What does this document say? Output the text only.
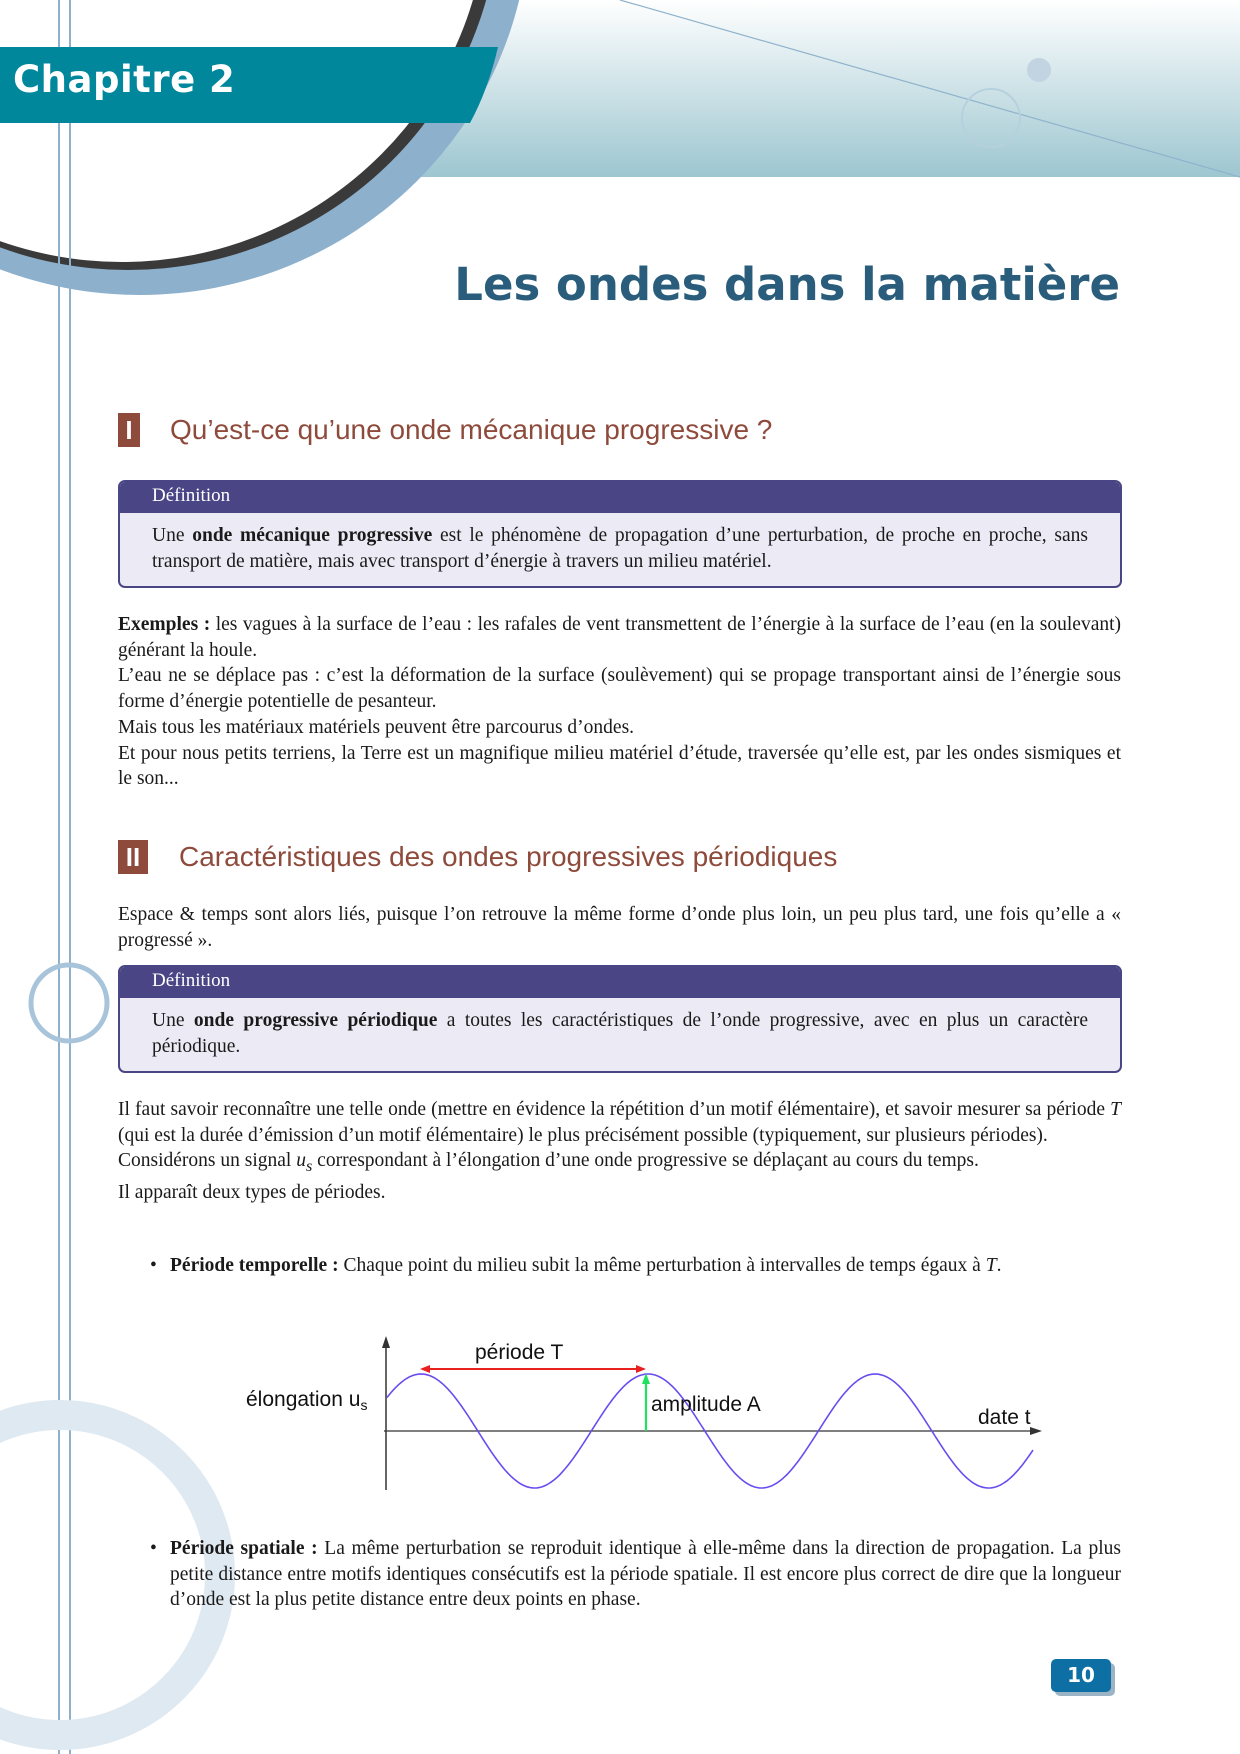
Chapitre 2
Les ondes dans la matière
I Qu’est-ce qu’une onde mécanique progressive ?
Définition
Une onde mécanique progressive est le phénomène de propagation d’une perturbation, de proche en proche, sans transport de matière, mais avec transport d’énergie à travers un milieu matériel.

Exemples : les vagues à la surface de l’eau : les rafales de vent transmettent de l’énergie à la surface de l’eau (en la soulevant) générant la houle.

L’eau ne se déplace pas : c’est la déformation de la surface (soulèvement) qui se propage transportant ainsi de l’énergie sous forme d’énergie potentielle de pesanteur.

Mais tous les matériaux matériels peuvent être parcourus d’ondes.

Et pour nous petits terriens, la Terre est un magnifique milieu matériel d’étude, traversée qu’elle est, par les ondes sismiques et le son...

II Caractéristiques des ondes progressives périodiques
Espace & temps sont alors liés, puisque l’on retrouve la même forme d’onde plus loin, un peu plus tard, une fois qu’elle a « progressé ».
Définition
Une onde progressive périodique a toutes les caractéristiques de l’onde progressive, avec en plus un caractère périodique.

Il faut savoir reconnaître une telle onde (mettre en évidence la répétition d’un motif élémentaire), et savoir mesurer sa période T (qui est la durée d’émission d’un motif élémentaire) le plus précisément possible (typiquement, sur plusieurs périodes).

Considérons un signal $u_s$ correspondant à l’élongation d’une onde progressive se déplaçant au cours du temps.

Il apparaît deux types de périodes.

• Période temporelle : Chaque point du milieu subit la même perturbation à intervalles de temps égaux à T.
période T
amplitude A
date t
élongation us
• Période spatiale : La même perturbation se reproduit identique à elle-même dans la direction de propagation. La plus petite distance entre motifs identiques consécutifs est la période spatiale. Il est encore plus correct de dire que la longueur d’onde est la plus petite distance entre deux points en phase.
10
